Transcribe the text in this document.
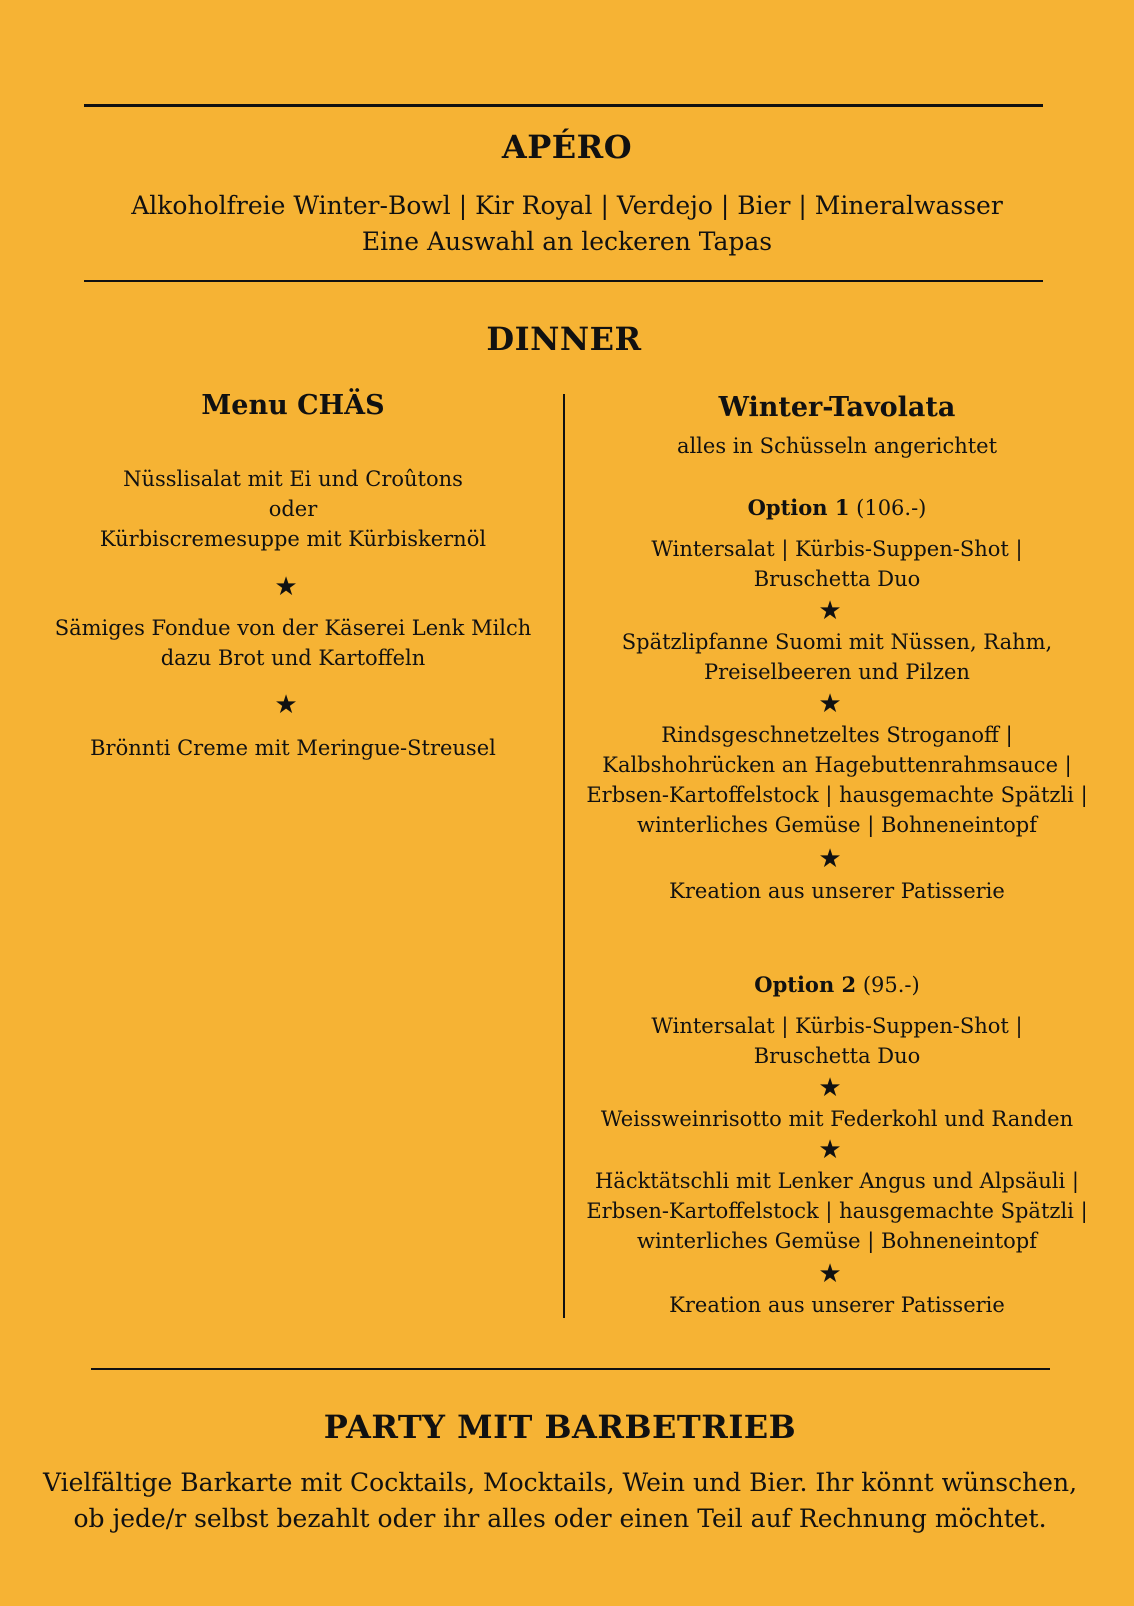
APÉRO
Alkoholfreie Winter-Bowl | Kir Royal | Verdejo | Bier | Mineralwasser
Eine Auswahl an leckeren Tapas
DINNER
Menu CHÄS
Nüsslisalat mit Ei und Croûtons
oder
Kürbiscremesuppe mit Kürbiskernöl
★
Sämiges Fondue von der Käserei Lenk Milch
dazu Brot und Kartoffeln
★
Brönnti Creme mit Meringue-Streusel
Winter-Tavolata
alles in Schüsseln angerichtet
Option 1 (106.-)
Wintersalat | Kürbis-Suppen-Shot |
Bruschetta Duo
★
Spätzlipfanne Suomi mit Nüssen, Rahm,
Preiselbeeren und Pilzen
★
Rindsgeschnetzeltes Stroganoff |
Kalbshohrücken an Hagebuttenrahmsauce |
Erbsen-Kartoffelstock | hausgemachte Spätzli |
winterliches Gemüse | Bohneneintopf
★
Kreation aus unserer Patisserie
Option 2 (95.-)
Wintersalat | Kürbis-Suppen-Shot |
Bruschetta Duo
★
Weissweinrisotto mit Federkohl und Randen
★
Häcktätschli mit Lenker Angus und Alpsäuli |
Erbsen-Kartoffelstock | hausgemachte Spätzli |
winterliches Gemüse | Bohneneintopf
★
Kreation aus unserer Patisserie
PARTY MIT BARBETRIEB
Vielfältige Barkarte mit Cocktails, Mocktails, Wein und Bier. Ihr könnt wünschen,
ob jede/r selbst bezahlt oder ihr alles oder einen Teil auf Rechnung möchtet.
